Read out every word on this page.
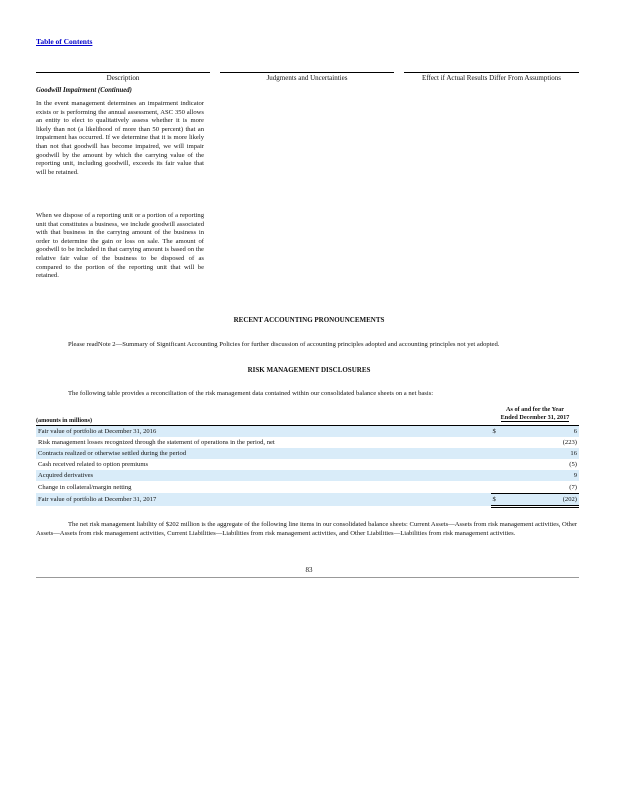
Table of Contents
Description	Judgments and Uncertainties	Effect if Actual Results Differ From Assumptions
Goodwill Impairment (Continued)
In the event management determines an impairment indicator exists or is performing the annual assessment, ASC 350 allows an entity to elect to qualitatively assess whether it is more likely than not (a likelihood of more than 50 percent) that an impairment has occurred. If we determine that it is more likely than not that goodwill has become impaired, we will impair goodwill by the amount by which the carrying value of the reporting unit, including goodwill, exceeds its fair value that will be retained.
When we dispose of a reporting unit or a portion of a reporting unit that constitutes a business, we include goodwill associated with that business in the carrying amount of the business in order to determine the gain or loss on sale. The amount of goodwill to be included in that carrying amount is based on the relative fair value of the business to be disposed of as compared to the portion of the reporting unit that will be retained.
RECENT ACCOUNTING PRONOUNCEMENTS
Please readNote 2—Summary of Significant Accounting Policies for further discussion of accounting principles adopted and accounting principles not yet adopted.
RISK MANAGEMENT DISCLOSURES
The following table provides a reconciliation of the risk management data contained within our consolidated balance sheets on a net basis:
(amounts in millions)
As of and for the Year
Ended December 31, 2017
Fair value of portfolio at December 31, 2016	$	6
Risk management losses recognized through the statement of operations in the period, net		(223)
Contracts realized or otherwise settled during the period		16
Cash received related to option premiums		(5)
Acquired derivatives		9
Change in collateral/margin netting		(7)
Fair value of portfolio at December 31, 2017	$	(202)
The net risk management liability of $202 million is the aggregate of the following line items in our consolidated balance sheets: Current Assets—Assets from risk management activities, Other Assets—Assets from risk management activities, Current Liabilities—Liabilities from risk management activities, and Other Liabilities—Liabilities from risk management activities.
83
